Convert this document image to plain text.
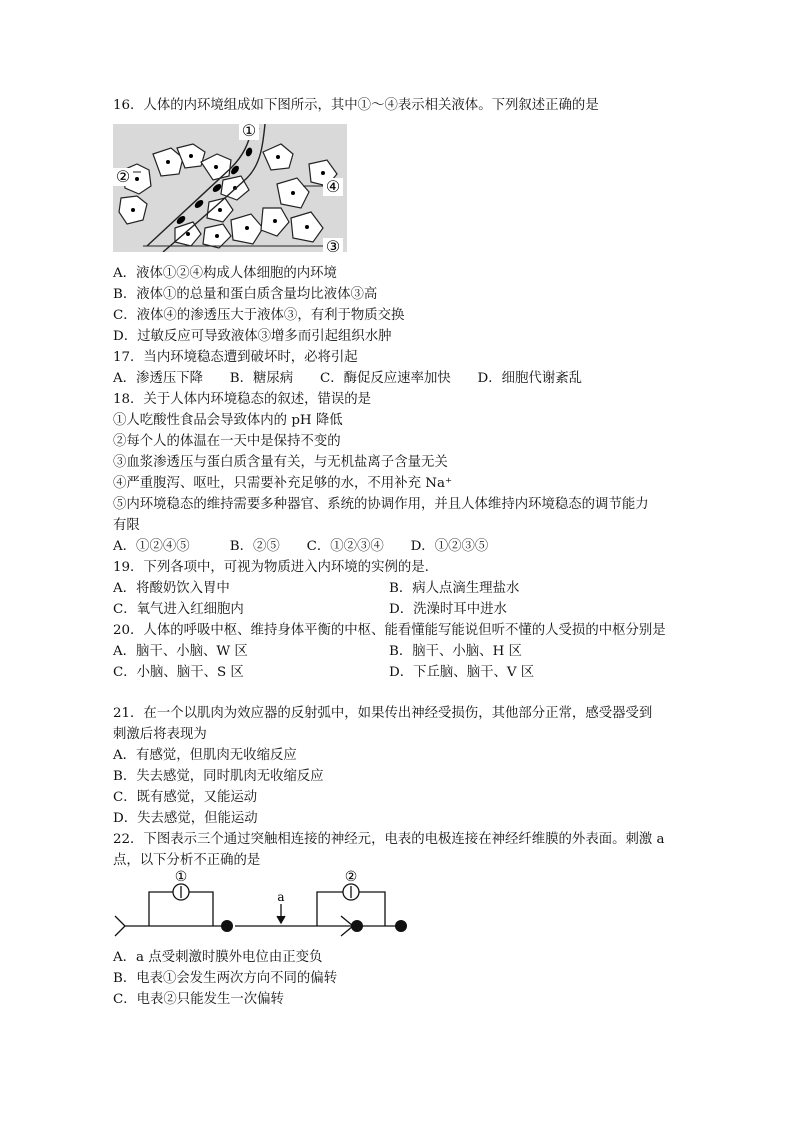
16．人体的内环境组成如下图所示，其中①～④表示相关液体。下列叙述正确的是
①
②
③
④
A．液体①②④构成人体细胞的内环境
B．液体①的总量和蛋白质含量均比液体③高
C．液体④的渗透压大于液体③，有利于物质交换
D．过敏反应可导致液体③增多而引起组织水肿
17．当内环境稳态遭到破坏时，必将引起
A．渗透压下降　　B．糖尿病　　C．酶促反应速率加快　　D．细胞代谢紊乱
18．关于人体内环境稳态的叙述，错误的是
①人吃酸性食品会导致体内的 pH 降低
②每个人的体温在一天中是保持不变的
③血浆渗透压与蛋白质含量有关，与无机盐离子含量无关
④严重腹泻、呕吐，只需要补充足够的水，不用补充 Na⁺
⑤内环境稳态的维持需要多种器官、系统的协调作用，并且人体维持内环境稳态的调节能力
有限
A．①②④⑤　　　B．②⑤　　C．①②③④　　D．①②③⑤
19．下列各项中，可视为物质进入内环境的实例的是.
A．将酸奶饮入胃中	B．病人点滴生理盐水
C．氧气进入红细胞内	D．洗澡时耳中进水
20．人体的呼吸中枢、维持身体平衡的中枢、能看懂能写能说但听不懂的人受损的中枢分别是
A．脑干、小脑、W 区	B．脑干、小脑、H 区
C．小脑、脑干、S 区	D．下丘脑、脑干、V 区
21．在一个以肌肉为效应器的反射弧中，如果传出神经受损伤，其他部分正常，感受器受到
刺激后将表现为
A．有感觉，但肌肉无收缩反应
B．失去感觉，同时肌肉无收缩反应
C．既有感觉，又能运动
D．失去感觉，但能运动
22．下图表示三个通过突触相连接的神经元，电表的电极连接在神经纤维膜的外表面。刺激 a
点，以下分析不正确的是
①	②
a
A．a 点受刺激时膜外电位由正变负
B．电表①会发生两次方向不同的偏转
C．电表②只能发生一次偏转
